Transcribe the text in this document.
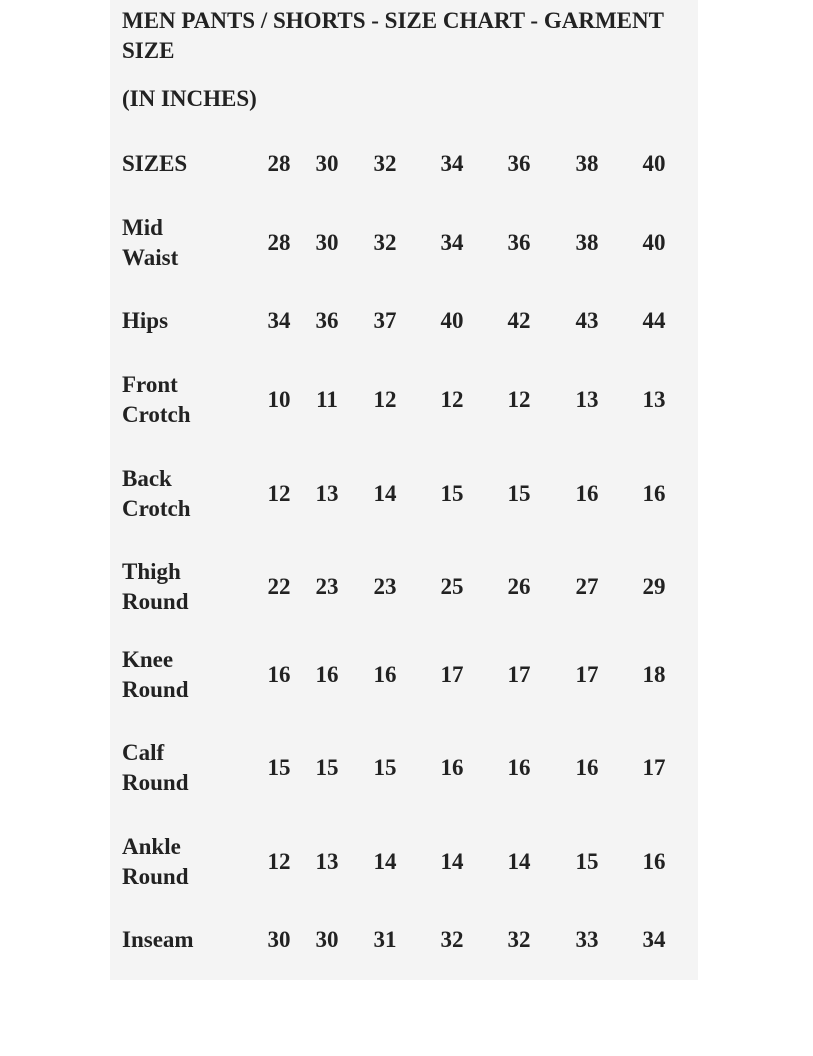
MEN PANTS / SHORTS - SIZE CHART - GARMENT SIZE
(IN INCHES)
SIZES	28	30	32	34	36	38	40
Mid
Waist
28	30	32	34	36	38	40
Hips	34	36	37	40	42	43	44
Front
Crotch
10	11	12	12	12	13	13
Back
Crotch
12	13	14	15	15	16	16
Thigh
Round
22	23	23	25	26	27	29
Knee
Round
16	16	16	17	17	17	18
Calf
Round
15	15	15	16	16	16	17
Ankle
Round
12	13	14	14	14	15	16
Inseam	30	30	31	32	32	33	34
